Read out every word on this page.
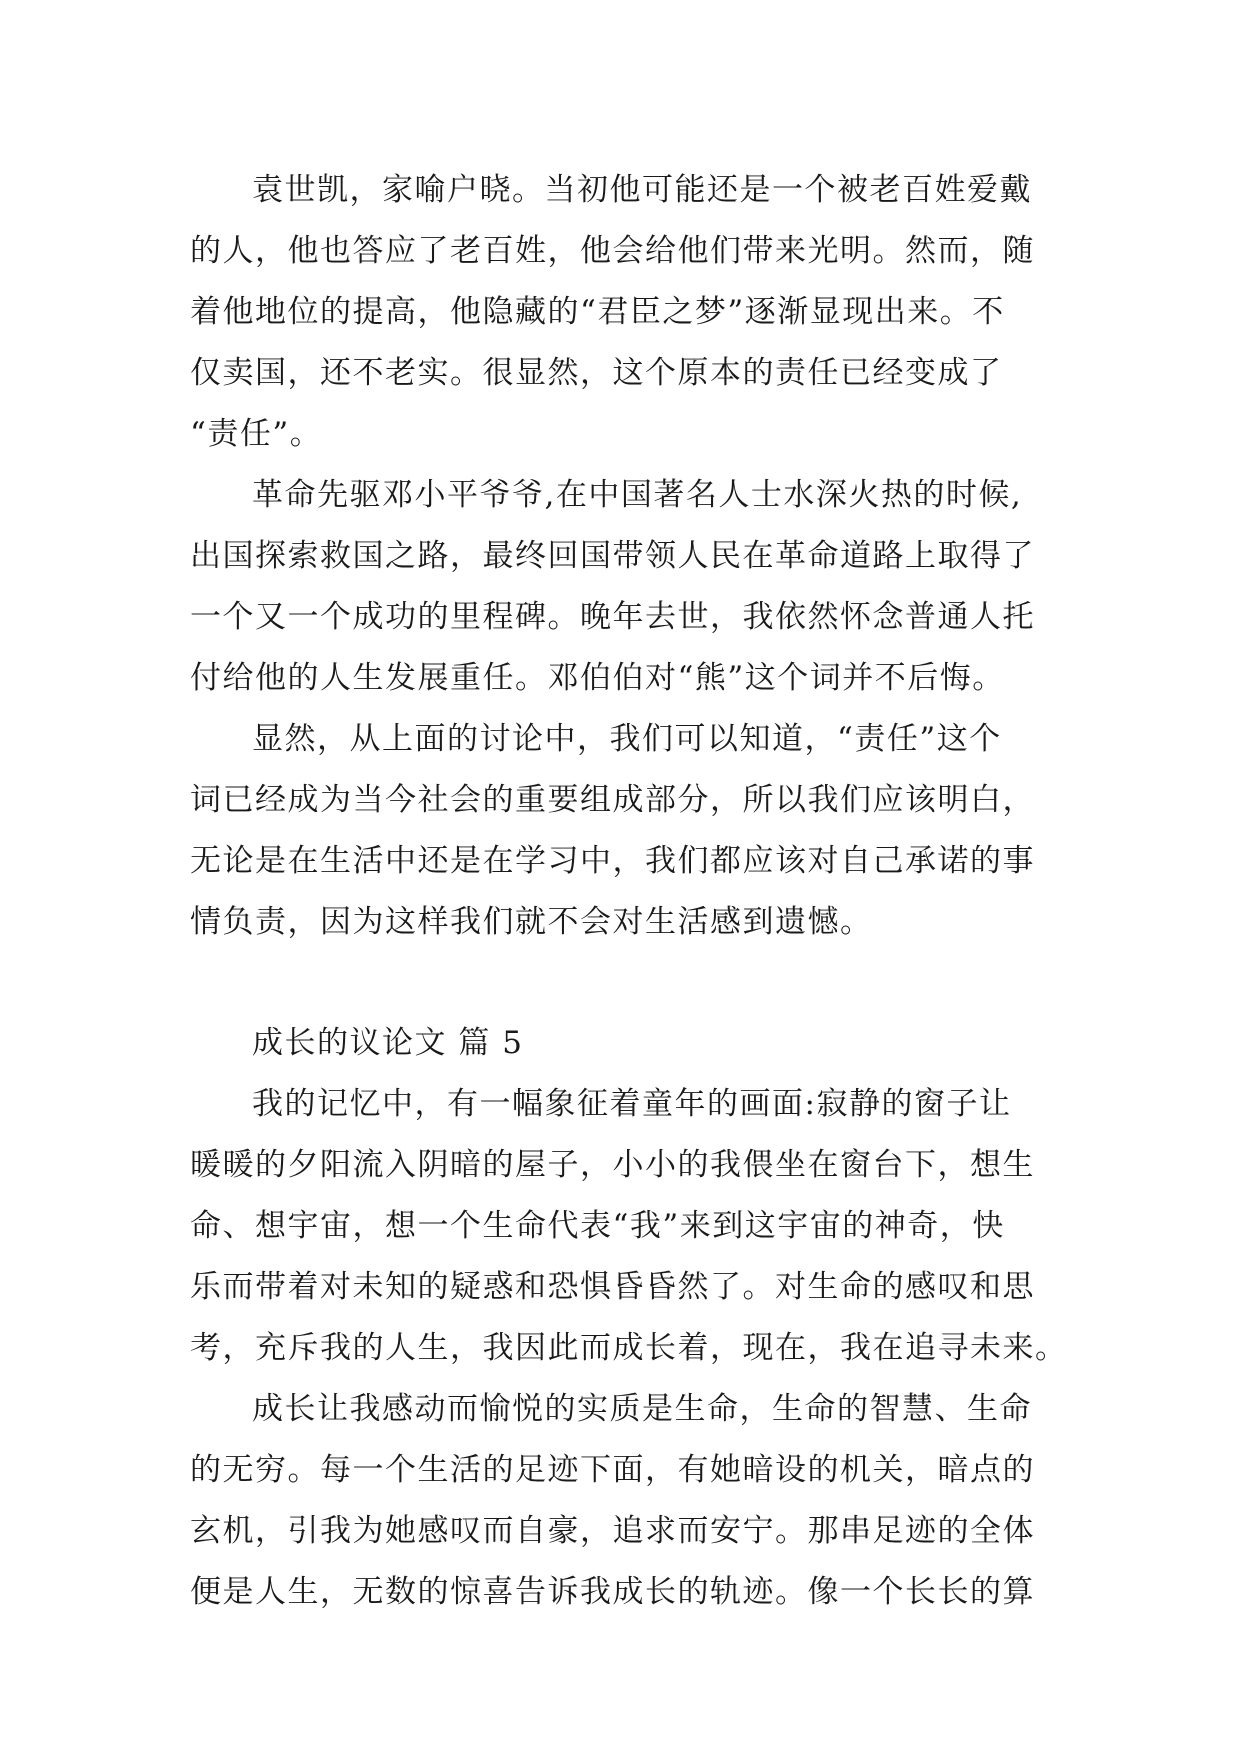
袁世凯，家喻户晓。当初他可能还是一个被老百姓爱戴
的人，他也答应了老百姓，他会给他们带来光明。然而，随
着他地位的提高，他隐藏的“君臣之梦”逐渐显现出来。不
仅卖国，还不老实。很显然，这个原本的责任已经变成了
“责任”。
革命先驱邓小平爷爷,在中国著名人士水深火热的时候,
出国探索救国之路，最终回国带领人民在革命道路上取得了
一个又一个成功的里程碑。晚年去世，我依然怀念普通人托
付给他的人生发展重任。邓伯伯对“熊”这个词并不后悔。
显然，从上面的讨论中，我们可以知道，“责任”这个
词已经成为当今社会的重要组成部分，所以我们应该明白，
无论是在生活中还是在学习中，我们都应该对自己承诺的事
情负责，因为这样我们就不会对生活感到遗憾。
成长的议论文 篇 5
我的记忆中，有一幅象征着童年的画面:寂静的窗子让
暖暖的夕阳流入阴暗的屋子，小小的我偎坐在窗台下，想生
命、想宇宙，想一个生命代表“我”来到这宇宙的神奇，快
乐而带着对未知的疑惑和恐惧昏昏然了。对生命的感叹和思
考，充斥我的人生，我因此而成长着，现在，我在追寻未来。
成长让我感动而愉悦的实质是生命，生命的智慧、生命
的无穷。每一个生活的足迹下面，有她暗设的机关，暗点的
玄机，引我为她感叹而自豪，追求而安宁。那串足迹的全体
便是人生，无数的惊喜告诉我成长的轨迹。像一个长长的算
